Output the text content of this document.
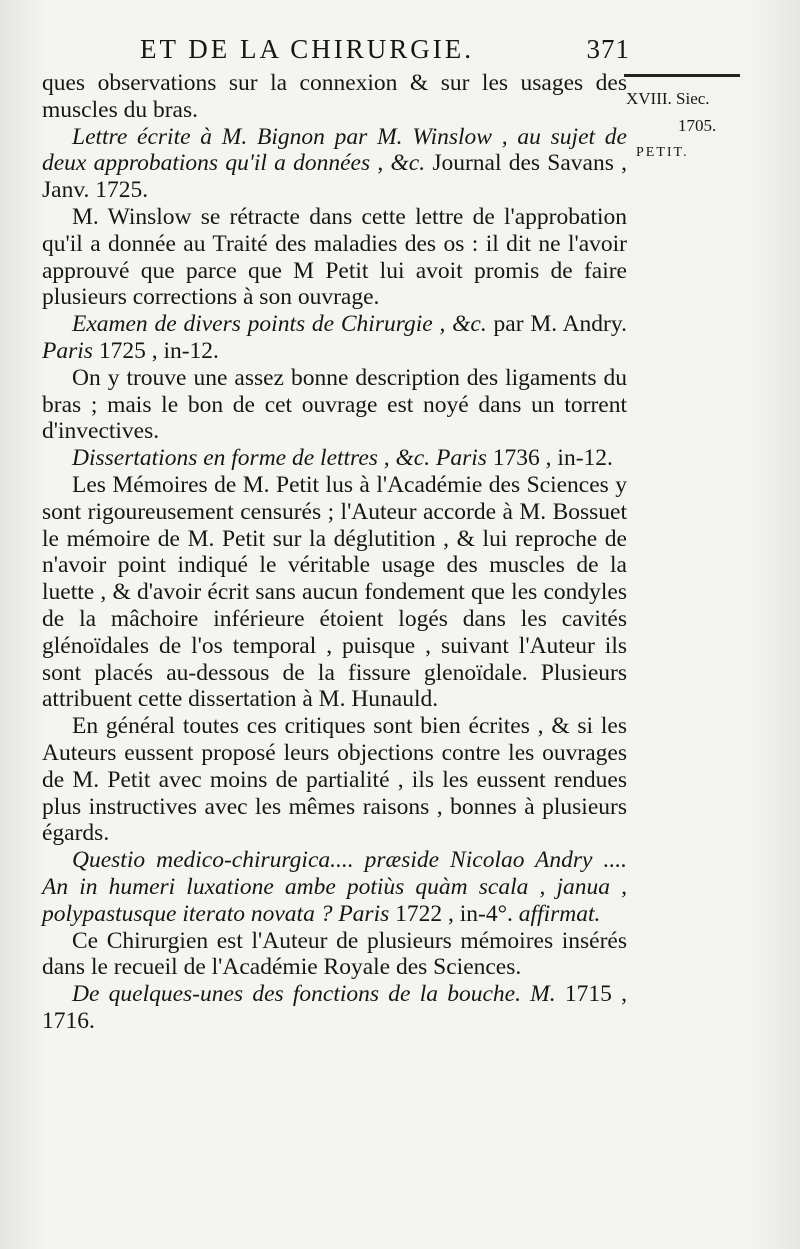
ET DE LA CHIRURGIE.	371
XVIII. Siec.
1705.
PETIT.

ques observations sur la connexion & sur les usages des muscles du bras.

Lettre écrite à M. Bignon par M. Winslow , au sujet de deux approbations qu'il a données , &c. Journal des Savans , Janv. 1725.

M. Winslow se rétracte dans cette lettre de l'approbation qu'il a donnée au Traité des maladies des os : il dit ne l'avoir approuvé que parce que M Petit lui avoit promis de faire plusieurs corrections à son ouvrage.

Examen de divers points de Chirurgie , &c. par M. Andry. Paris 1725 , in-12.

On y trouve une assez bonne description des ligaments du bras ; mais le bon de cet ouvrage est noyé dans un torrent d'invectives.

Dissertations en forme de lettres , &c. Paris 1736 , in-12.

Les Mémoires de M. Petit lus à l'Académie des Sciences y sont rigoureusement censurés ; l'Auteur accorde à M. Bossuet le mémoire de M. Petit sur la déglutition , & lui reproche de n'avoir point indiqué le véritable usage des muscles de la luette , & d'avoir écrit sans aucun fondement que les condyles de la mâchoire inférieure étoient logés dans les cavités glénoïdales de l'os temporal , puisque , suivant l'Auteur ils sont placés au-dessous de la fissure glenoïdale. Plusieurs attribuent cette dissertation à M. Hunauld.

En général toutes ces critiques sont bien écrites , & si les Auteurs eussent proposé leurs objections contre les ouvrages de M. Petit avec moins de partialité , ils les eussent rendues plus instructives avec les mêmes raisons , bonnes à plusieurs égards.

Questio medico-chirurgica.... præside Nicolao Andry .... An in humeri luxatione ambe potiùs quàm scala , janua , polypastusque iterato novata ? Paris 1722 , in-4°. affirmat.

Ce Chirurgien est l'Auteur de plusieurs mémoires insérés dans le recueil de l'Académie Royale des Sciences.

De quelques-unes des fonctions de la bouche. M. 1715 , 1716.
